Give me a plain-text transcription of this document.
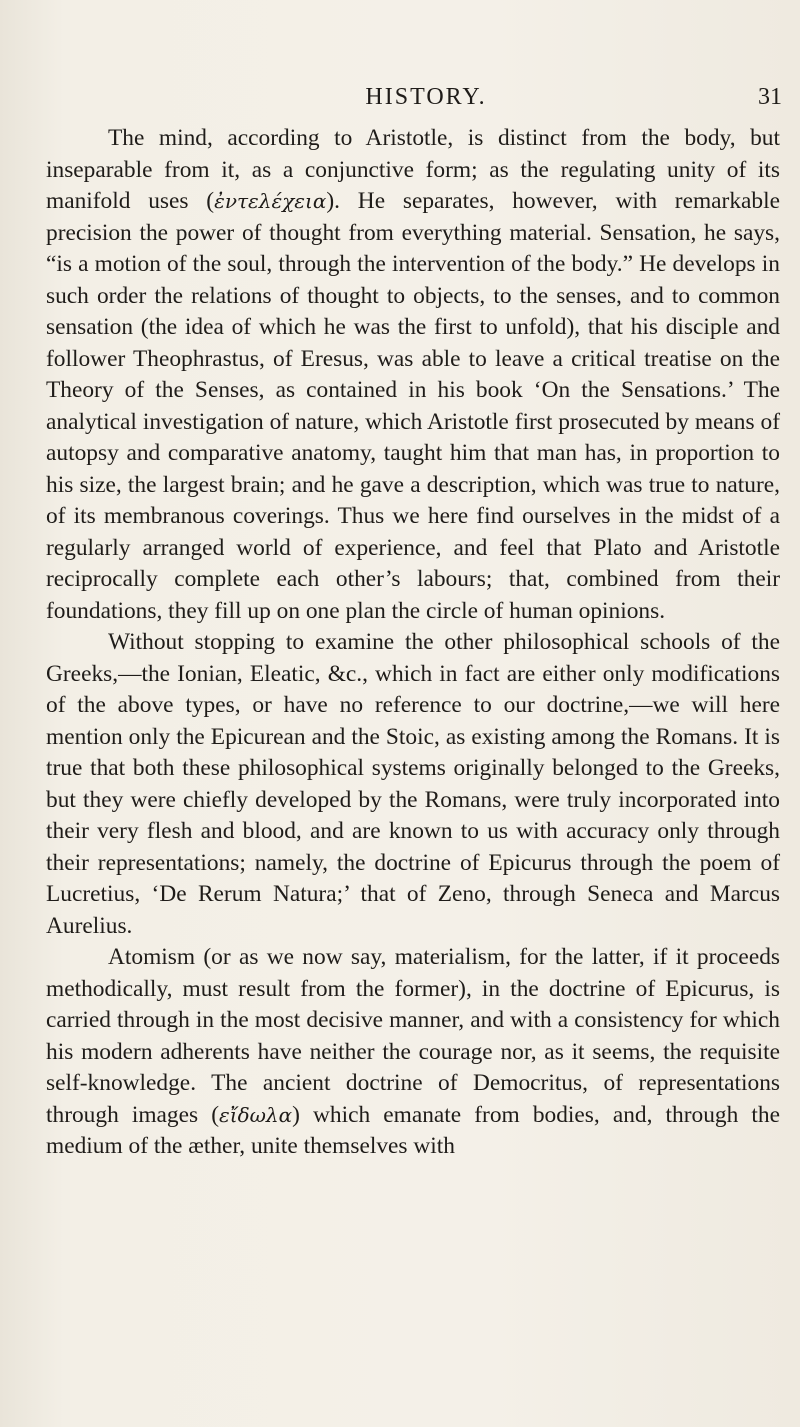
HISTORY.	31

The mind, according to Aristotle, is distinct from the body, but inseparable from it, as a conjunctive form; as the regulating unity of its manifold uses (ἐντελέχεια). He separates, however, with remarkable precision the power of thought from everything material. Sensation, he says, “is a motion of the soul, through the intervention of the body.” He develops in such order the relations of thought to objects, to the senses, and to common sensation (the idea of which he was the first to unfold), that his disciple and follower Theophrastus, of Eresus, was able to leave a critical treatise on the Theory of the Senses, as contained in his book ‘On the Sensations.’ The analytical investigation of nature, which Aristotle first prosecuted by means of autopsy and comparative anatomy, taught him that man has, in proportion to his size, the largest brain; and he gave a description, which was true to nature, of its membranous coverings. Thus we here find ourselves in the midst of a regularly arranged world of experience, and feel that Plato and Aristotle reciprocally complete each other’s labours; that, combined from their foundations, they fill up on one plan the circle of human opinions.

Without stopping to examine the other philosophical schools of the Greeks,—the Ionian, Eleatic, &c., which in fact are either only modifications of the above types, or have no reference to our doctrine,—we will here mention only the Epicurean and the Stoic, as existing among the Romans. It is true that both these philosophical systems originally belonged to the Greeks, but they were chiefly developed by the Romans, were truly incorporated into their very flesh and blood, and are known to us with accuracy only through their representations; namely, the doctrine of Epicurus through the poem of Lucretius, ‘De Rerum Natura;’ that of Zeno, through Seneca and Marcus Aurelius.

Atomism (or as we now say, materialism, for the latter, if it proceeds methodically, must result from the former), in the doctrine of Epicurus, is carried through in the most decisive manner, and with a consistency for which his modern adherents have neither the courage nor, as it seems, the requisite self-knowledge. The ancient doctrine of Democritus, of representations through images (εἴδωλα) which emanate from bodies, and, through the medium of the æther, unite themselves with
